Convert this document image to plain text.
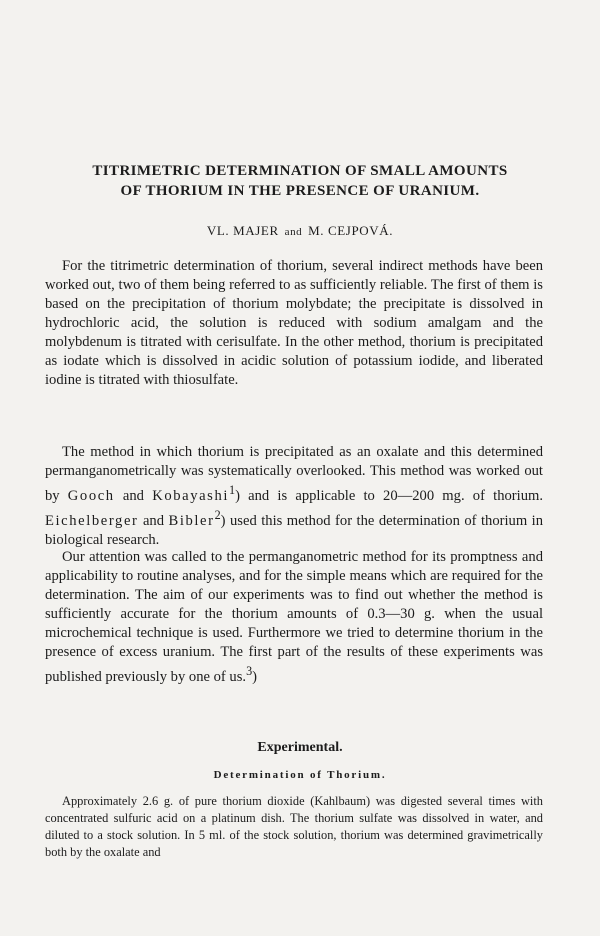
TITRIMETRIC DETERMINATION OF SMALL AMOUNTS
OF THORIUM IN THE PRESENCE OF URANIUM.
VL. MAJER and M. CEJPOVÁ.

For the titrimetric determination of thorium, several indirect methods have been worked out, two of them being referred to as sufficiently reliable. The first of them is based on the precipitation of thorium molybdate; the precipitate is dissolved in hydrochloric acid, the solution is reduced with sodium amalgam and the molybdenum is titrated with cerisulfate. In the other method, thorium is precipitated as iodate which is dissolved in acidic solution of potassium iodide, and liberated iodine is titrated with thiosulfate.

The method in which thorium is precipitated as an oxalate and this determined permanganometrically was systematically overlooked. This method was worked out by Gooch and Kobayashi$^1$) and is applicable to 20—200 mg. of thorium. Eichelberger and Bibler$^2$) used this method for the determination of thorium in biological research.

Our attention was called to the permanganometric method for its promptness and applicability to routine analyses, and for the simple means which are required for the determination. The aim of our experiments was to find out whether the method is sufficiently accurate for the thorium amounts of 0.3—30 g. when the usual microchemical technique is used. Furthermore we tried to determine thorium in the presence of excess uranium. The first part of the results of these experiments was published previously by one of us.$^3$)

Experimental.
Determination of Thorium.

Approximately 2.6 g. of pure thorium dioxide (Kahlbaum) was digested several times with concentrated sulfuric acid on a platinum dish. The thorium sulfate was dissolved in water, and diluted to a stock solution. In 5 ml. of the stock solution, thorium was determined gravimetrically both by the oxalate and
